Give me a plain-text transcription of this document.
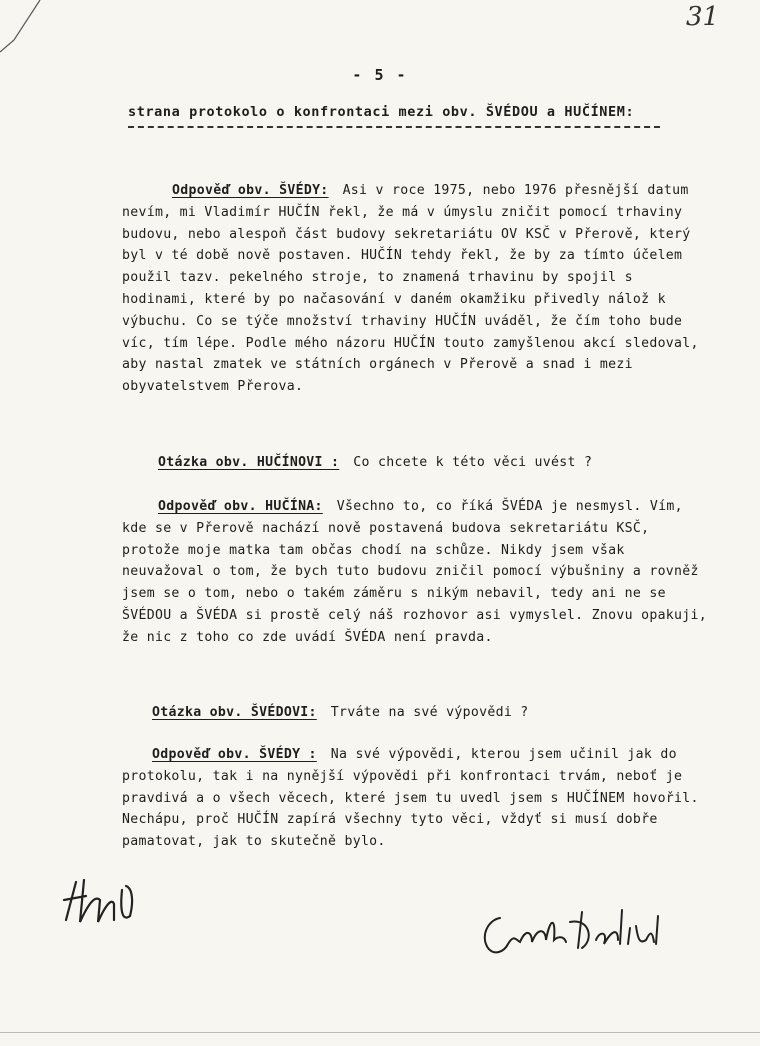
31
- 5 -
strana protokolo o konfrontaci mezi obv. ŠVÉDOU a HUČÍNEM:
Odpověď obv. ŠVÉDY: Asi v roce 1975, nebo 1976 přesnější datum nevím, mi Vladimír HUČÍN řekl, že má v úmyslu zničit pomocí trhaviny budovu, nebo alespoň část budovy sekretariátu OV KSČ v Přerově, který byl v té době nově postaven. HUČÍN tehdy řekl, že by za tímto účelem použil tazv. pekelného stroje, to znamená trhavinu by spojil s hodinami, které by po načasování v daném okamžiku přivedly nálož k výbuchu. Co se týče množství trhaviny HUČÍN uváděl, že čím toho bude víc, tím lépe. Podle mého názoru HUČÍN touto zamyšlenou akcí sledoval, aby nastal zmatek ve státních orgánech v Přerově a snad i mezi obyvatelstvem Přerova.
Otázka obv. HUČÍNOVI : Co chcete k této věci uvést ?
Odpověď obv. HUČÍNA: Všechno to, co říká ŠVÉDA je nesmysl. Vím, kde se v Přerově nachází nově postavená budova sekretariátu KSČ, protože moje matka tam občas chodí na schůze. Nikdy jsem však neuvažoval o tom, že bych tuto budovu zničil pomocí výbušniny a rovněž jsem se o tom, nebo o takém záměru s nikým nebavil, tedy ani ne se ŠVÉDOU a ŠVÉDA si prostě celý náš rozhovor asi vymyslel. Znovu opakuji, že nic z toho co zde uvádí ŠVÉDA není pravda.
Otázka obv. ŠVÉDOVI: Trváte na své výpovědi ?
Odpověď obv. ŠVÉDY : Na své výpovědi, kterou jsem učinil jak do protokolu, tak i na nynější výpovědi při konfrontaci trvám, neboť je pravdivá a o všech věcech, které jsem tu uvedl jsem s HUČÍNEM hovořil. Nechápu, proč HUČÍN zapírá všechny tyto věci, vždyť si musí dobře pamatovat, jak to skutečně bylo.
